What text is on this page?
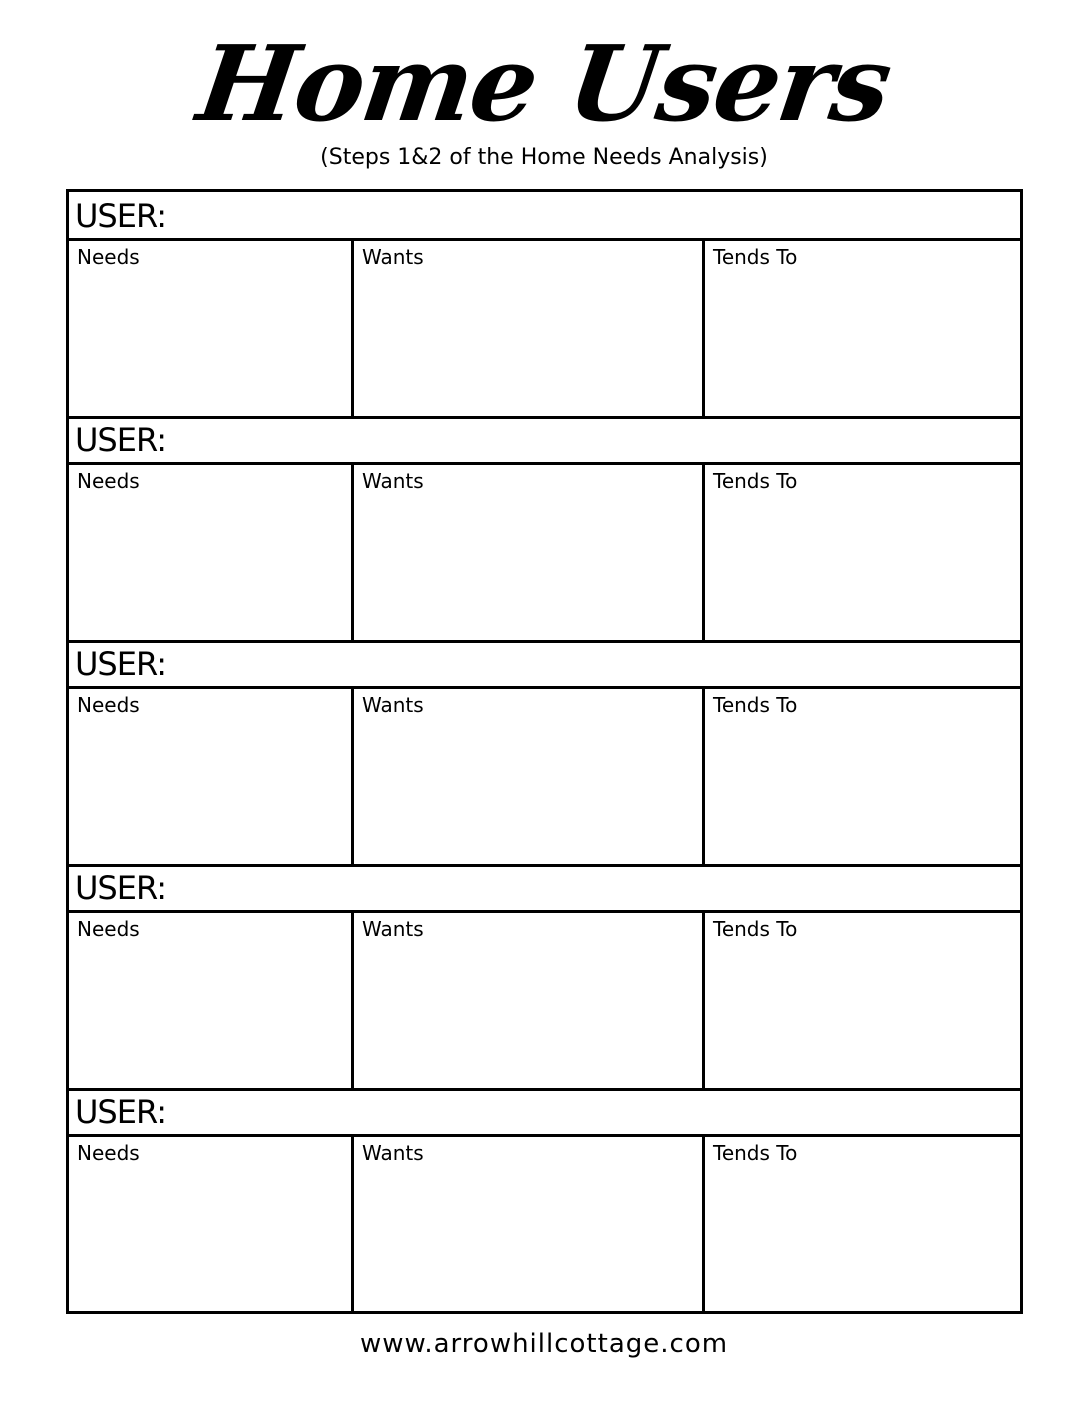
Home Users
(Steps 1&2 of the Home Needs Analysis)
USER:
Needs	Wants	Tends To
USER:
Needs	Wants	Tends To
USER:
Needs	Wants	Tends To
USER:
Needs	Wants	Tends To
USER:
Needs	Wants	Tends To
www.arrowhillcottage.com
